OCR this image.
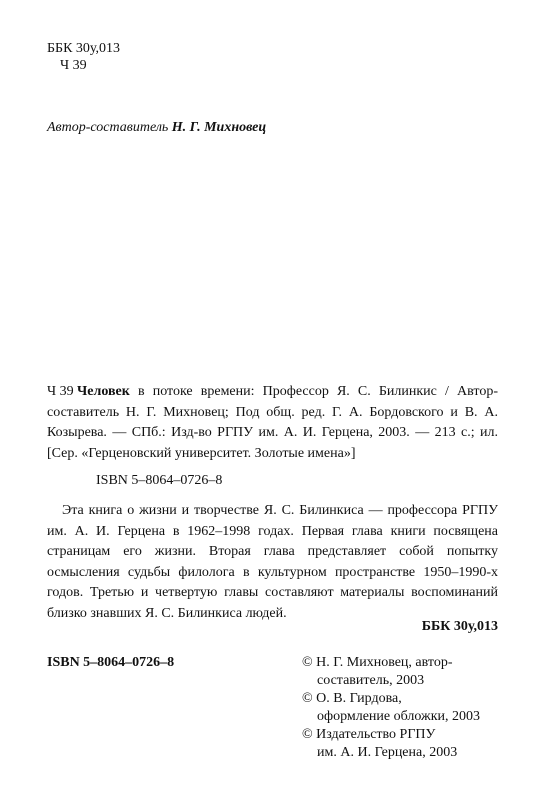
ББК 30у,013
Ч 39
Автор-составитель Н. Г. Михновец
Ч 39 Человек в потоке времени: Профессор Я. С. Билинкис / Автор-составитель Н. Г. Михновец; Под общ. ред. Г. А. Бордовского и В. А. Козырева. — СПб.: Изд-во РГПУ им. А. И. Герцена, 2003. — 213 с.; ил. [Сер. «Герценовский университет. Золотые имена»]
ISBN 5–8064–0726–8
Эта книга о жизни и творчестве Я. С. Билинкиса — профессора РГПУ им. А. И. Герцена в 1962–1998 годах. Первая глава книги посвящена страницам его жизни. Вторая глава представляет собой попытку осмысления судьбы филолога в культурном пространстве 1950–1990-х годов. Третью и четвертую главы составляют материалы воспоминаний близко знавших Я. С. Билинкиса людей.
ББК 30у,013
ISBN 5–8064–0726–8	© Н. Г. Михновец, автор-
составитель, 2003
© О. В. Гирдова,
оформление обложки, 2003
© Издательство РГПУ
им. А. И. Герцена, 2003
